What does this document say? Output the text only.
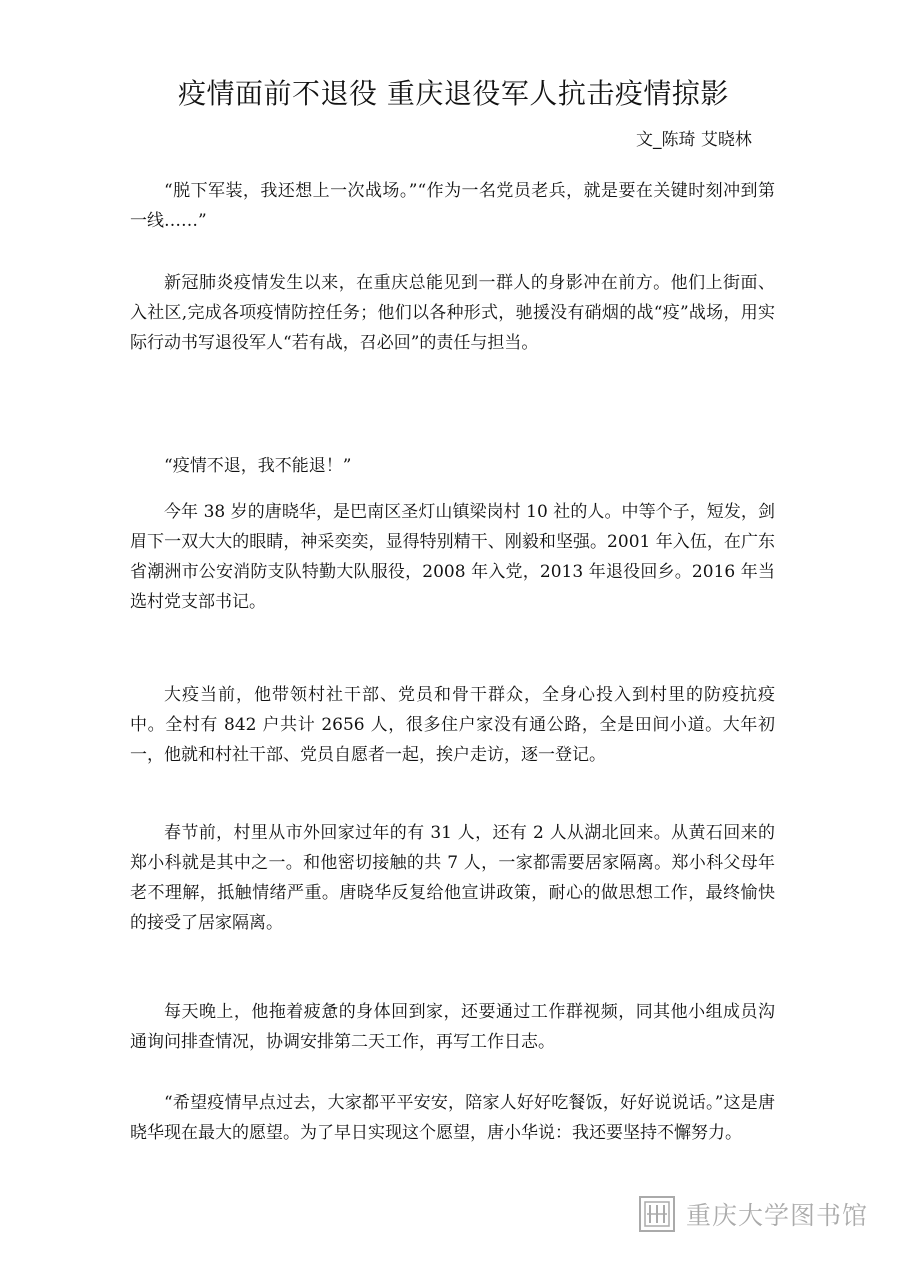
疫情面前不退役 重庆退役军人抗击疫情掠影
文_陈琦 艾晓林

“脱下军装，我还想上一次战场。”“作为一名党员老兵，就是要在关键时刻冲到第一线……”

新冠肺炎疫情发生以来，在重庆总能见到一群人的身影冲在前方。他们上街面、入社区,完成各项疫情防控任务；他们以各种形式，驰援没有硝烟的战“疫”战场，用实际行动书写退役军人“若有战，召必回”的责任与担当。

“疫情不退，我不能退！”

今年 38 岁的唐晓华，是巴南区圣灯山镇梁岗村 10 社的人。中等个子，短发，剑眉下一双大大的眼睛，神采奕奕，显得特别精干、刚毅和坚强。2001 年入伍，在广东省潮洲市公安消防支队特勤大队服役，2008 年入党，2013 年退役回乡。2016 年当选村党支部书记。

大疫当前，他带领村社干部、党员和骨干群众，全身心投入到村里的防疫抗疫中。全村有 842 户共计 2656 人，很多住户家没有通公路，全是田间小道。大年初一，他就和村社干部、党员自愿者一起，挨户走访，逐一登记。

春节前，村里从市外回家过年的有 31 人，还有 2 人从湖北回来。从黄石回来的郑小科就是其中之一。和他密切接触的共 7 人，一家都需要居家隔离。郑小科父母年老不理解，抵触情绪严重。唐晓华反复给他宣讲政策，耐心的做思想工作，最终愉快的接受了居家隔离。

每天晚上，他拖着疲惫的身体回到家，还要通过工作群视频，同其他小组成员沟通询问排查情况，协调安排第二天工作，再写工作日志。

“希望疫情早点过去，大家都平平安安，陪家人好好吃餐饭，好好说说话。”这是唐晓华现在最大的愿望。为了早日实现这个愿望，唐小华说：我还要坚持不懈努力。

重庆大学图书馆
